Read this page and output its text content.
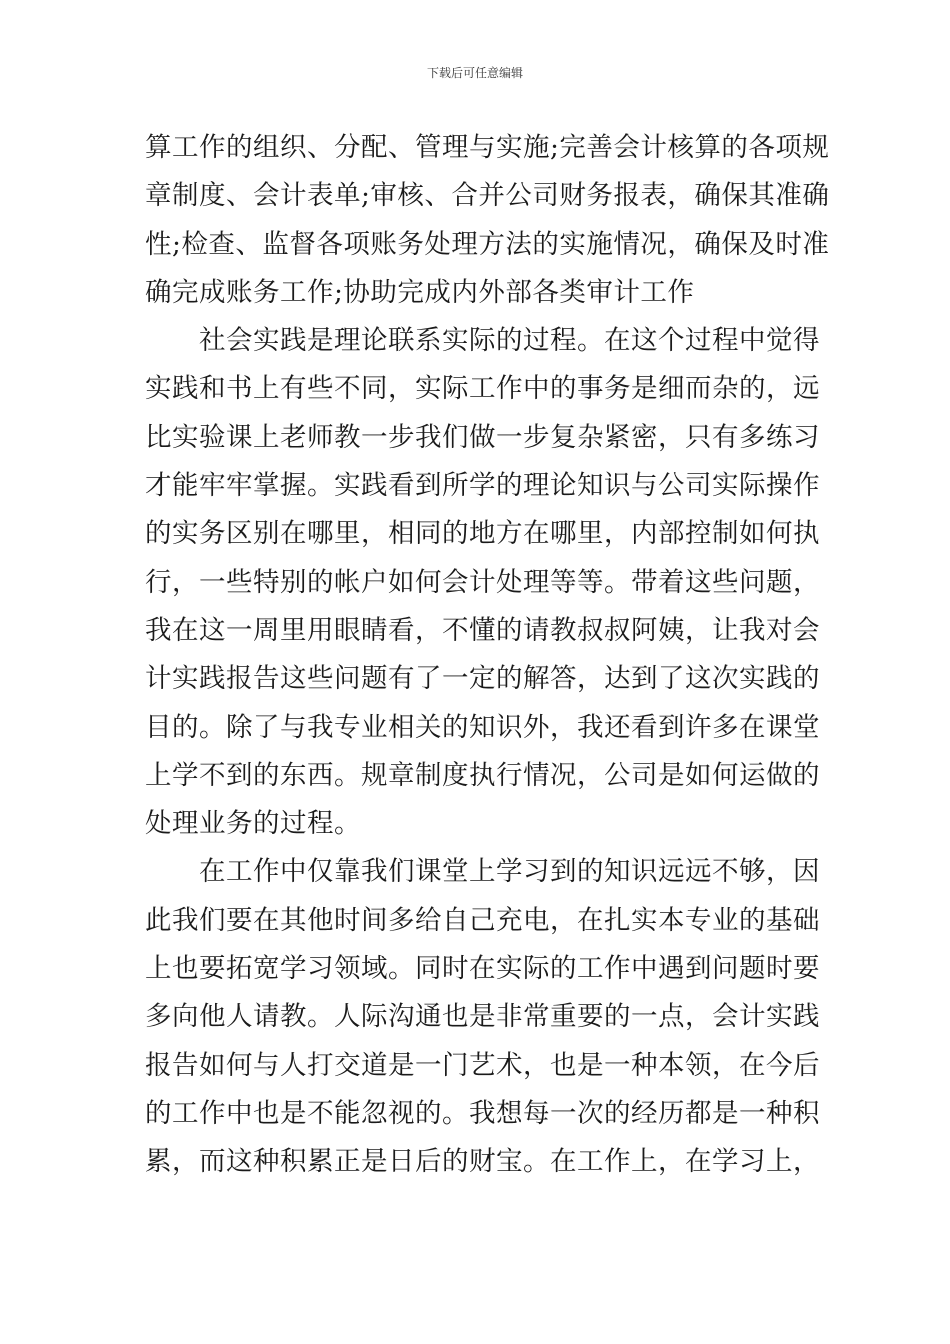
下载后可任意编辑

算工作的组织、分配、管理与实施;完善会计核算的各项规

章制度、会计表单;审核、合并公司财务报表，确保其准确

性;检查、监督各项账务处理方法的实施情况，确保及时准

确完成账务工作;协助完成内外部各类审计工作

　　社会实践是理论联系实际的过程。在这个过程中觉得

实践和书上有些不同，实际工作中的事务是细而杂的，远

比实验课上老师教一步我们做一步复杂紧密，只有多练习

才能牢牢掌握。实践看到所学的理论知识与公司实际操作

的实务区别在哪里，相同的地方在哪里，内部控制如何执

行，一些特别的帐户如何会计处理等等。带着这些问题，

我在这一周里用眼睛看，不懂的请教叔叔阿姨，让我对会

计实践报告这些问题有了一定的解答，达到了这次实践的

目的。除了与我专业相关的知识外，我还看到许多在课堂

上学不到的东西。规章制度执行情况，公司是如何运做的

处理业务的过程。

　　在工作中仅靠我们课堂上学习到的知识远远不够，因

此我们要在其他时间多给自己充电，在扎实本专业的基础

上也要拓宽学习领域。同时在实际的工作中遇到问题时要

多向他人请教。人际沟通也是非常重要的一点，会计实践

报告如何与人打交道是一门艺术，也是一种本领，在今后

的工作中也是不能忽视的。我想每一次的经历都是一种积

累，而这种积累正是日后的财宝。在工作上，在学习上，
